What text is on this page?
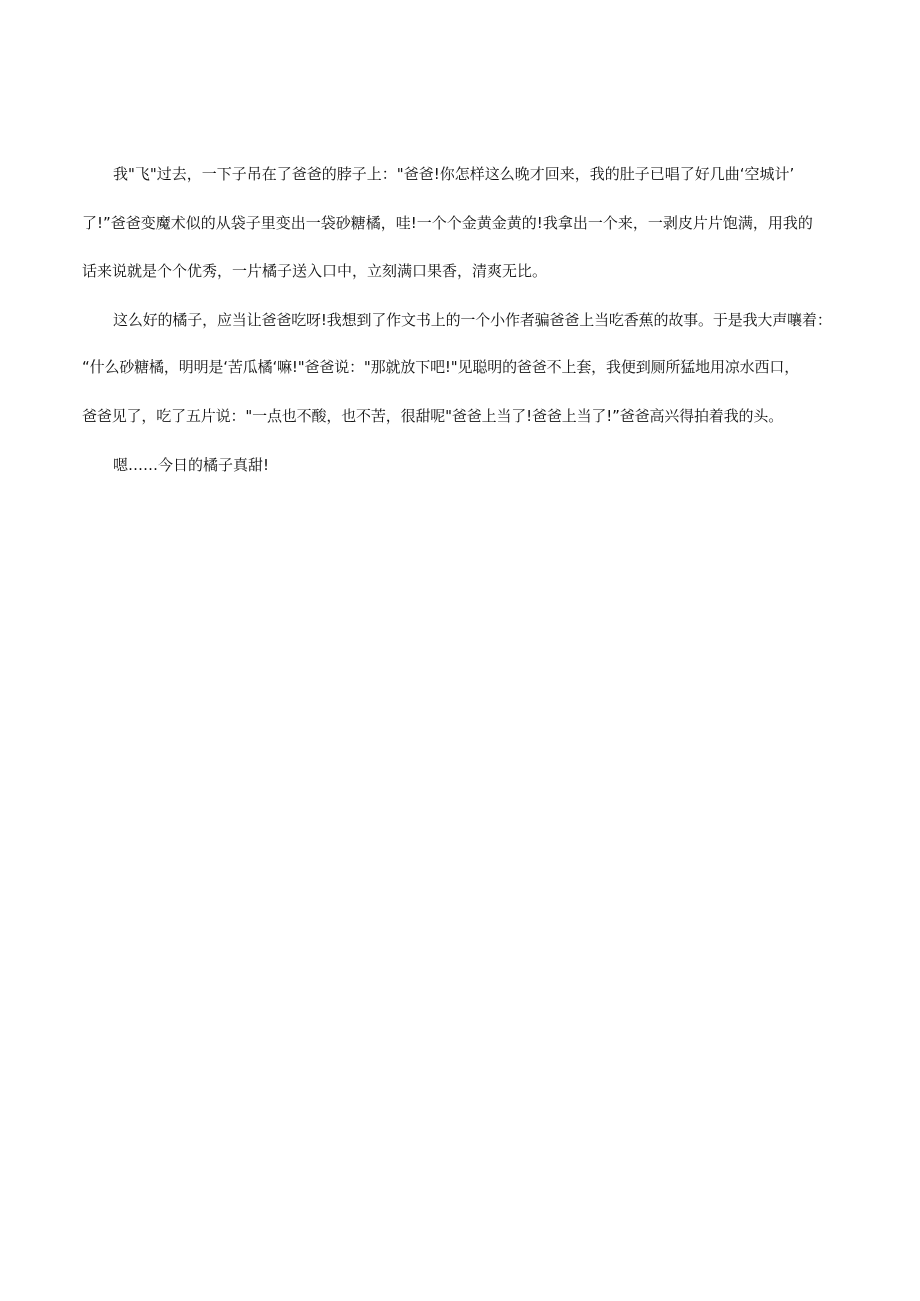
我"飞"过去，一下子吊在了爸爸的脖子上："爸爸!你怎样这么晚才回来，我的肚子已唱了好几曲‘空城计’
了!”爸爸变魔术似的从袋子里变出一袋砂糖橘，哇!一个个金黄金黄的!我拿出一个来，一剥皮片片饱满，用我的
话来说就是个个优秀，一片橘子送入口中，立刻满口果香，清爽无比。
这么好的橘子，应当让爸爸吃呀!我想到了作文书上的一个小作者骗爸爸上当吃香蕉的故事。于是我大声嚷着：
“什么砂糖橘，明明是‘苦瓜橘‘嘛!"爸爸说："那就放下吧!"见聪明的爸爸不上套，我便到厕所猛地用凉水西口，
爸爸见了，吃了五片说："一点也不酸，也不苦，很甜呢"爸爸上当了!爸爸上当了!”爸爸高兴得拍着我的头。
嗯……今日的橘子真甜!
